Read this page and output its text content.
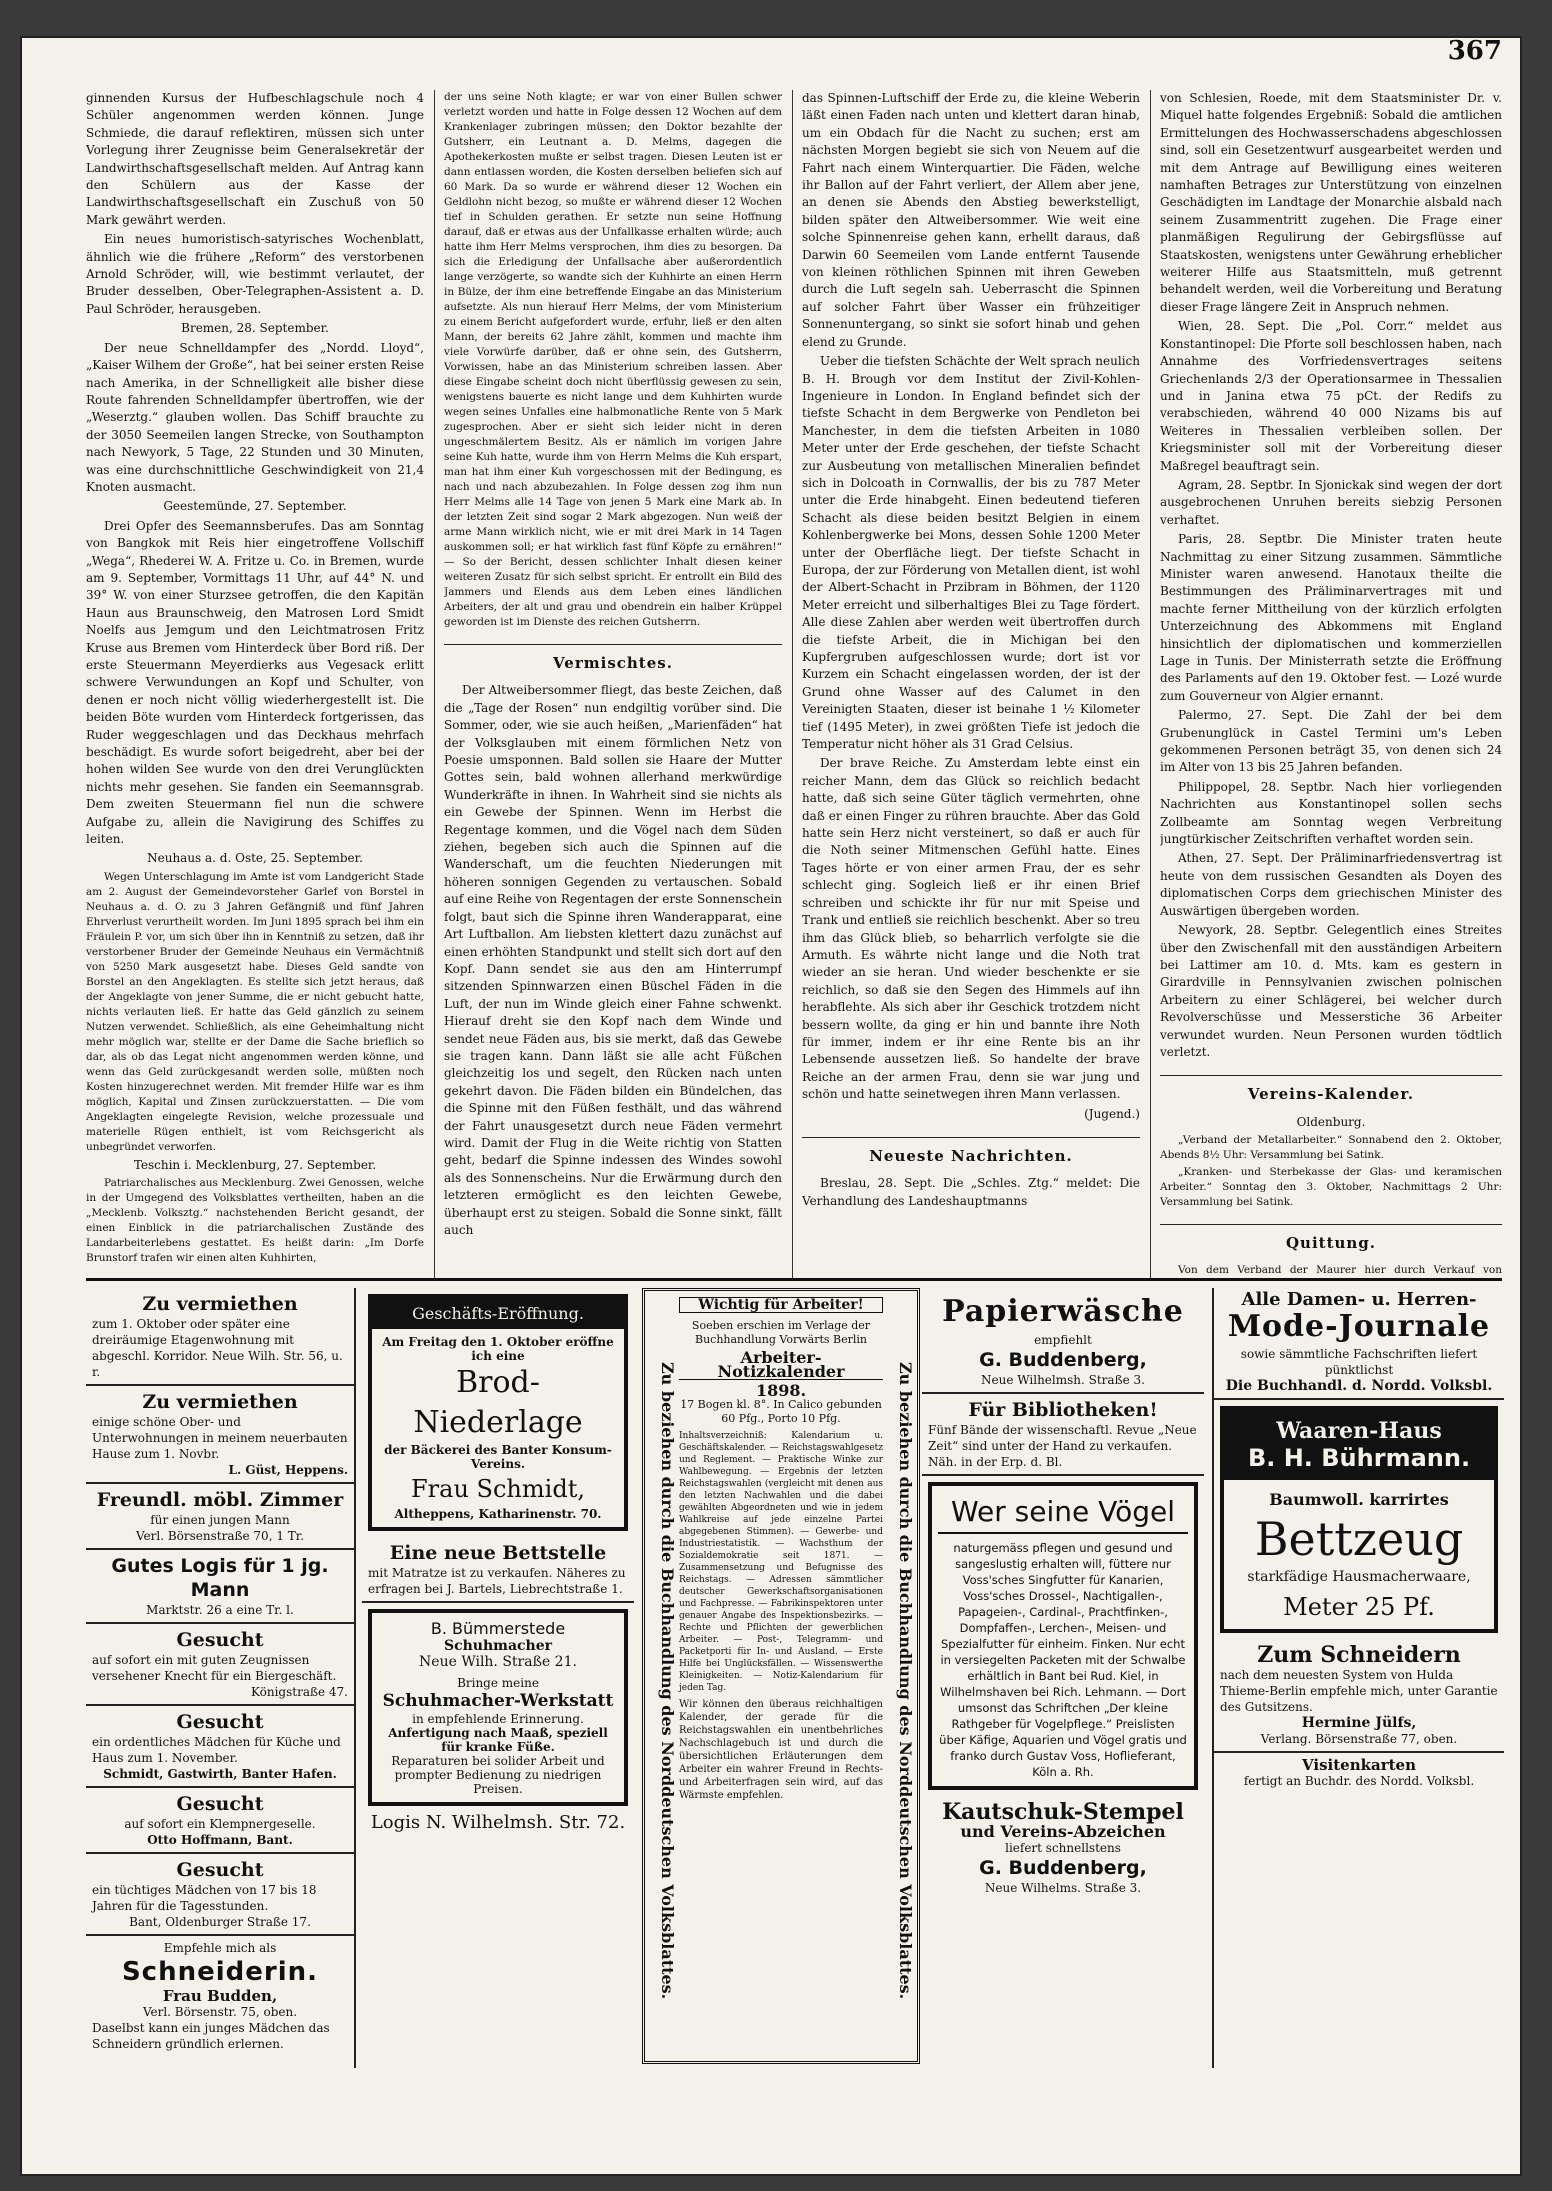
367

ginnenden Kursus der Hufbeschlagschule noch 4 Schüler angenommen werden können. Junge Schmiede, die darauf reflektiren, müssen sich unter Vorlegung ihrer Zeugnisse beim Generalsekretär der Landwirthschaftsgesellschaft melden. Auf Antrag kann den Schülern aus der Kasse der Landwirthschaftsgesellschaft ein Zuschuß von 50 Mark gewährt werden.

Ein neues humoristisch-satyrisches Wochenblatt, ähnlich wie die frühere „Reform“ des verstorbenen Arnold Schröder, will, wie bestimmt verlautet, der Bruder desselben, Ober-Telegraphen-Assistent a. D. Paul Schröder, herausgeben.

Bremen, 28. September.

Der neue Schnelldampfer des „Nordd. Lloyd“, „Kaiser Wilhem der Große“, hat bei seiner ersten Reise nach Amerika, in der Schnelligkeit alle bisher diese Route fahrenden Schnelldampfer übertroffen, wie der „Weserztg.“ glauben wollen. Das Schiff brauchte zu der 3050 Seemeilen langen Strecke, von Southampton nach Newyork, 5 Tage, 22 Stunden und 30 Minuten, was eine durchschnittliche Geschwindigkeit von 21,4 Knoten ausmacht.

Geestemünde, 27. September.

Drei Opfer des Seemannsberufes. Das am Sonntag von Bangkok mit Reis hier eingetroffene Vollschiff „Wega“, Rhederei W. A. Fritze u. Co. in Bremen, wurde am 9. September, Vormittags 11 Uhr, auf 44° N. und 39° W. von einer Sturzsee getroffen, die den Kapitän Haun aus Braunschweig, den Matrosen Lord Smidt Noelfs aus Jemgum und den Leichtmatrosen Fritz Kruse aus Bremen vom Hinterdeck über Bord riß. Der erste Steuermann Meyerdierks aus Vegesack erlitt schwere Verwundungen an Kopf und Schulter, von denen er noch nicht völlig wiederhergestellt ist. Die beiden Böte wurden vom Hinterdeck fortgerissen, das Ruder weggeschlagen und das Deckhaus mehrfach beschädigt. Es wurde sofort beigedreht, aber bei der hohen wilden See wurde von den drei Verunglückten nichts mehr gesehen. Sie fanden ein Seemannsgrab. Dem zweiten Steuermann fiel nun die schwere Aufgabe zu, allein die Navigirung des Schiffes zu leiten.

Neuhaus a. d. Oste, 25. September.

Wegen Unterschlagung im Amte ist vom Landgericht Stade am 2. August der Gemeindevorsteher Garlef von Borstel in Neuhaus a. d. O. zu 3 Jahren Gefängniß und fünf Jahren Ehrverlust verurtheilt worden. Im Juni 1895 sprach bei ihm ein Fräulein P. vor, um sich über ihn in Kenntniß zu setzen, daß ihr verstorbener Bruder der Gemeinde Neuhaus ein Vermächtniß von 5250 Mark ausgesetzt habe. Dieses Geld sandte von Borstel an den Angeklagten. Es stellte sich jetzt heraus, daß der Angeklagte von jener Summe, die er nicht gebucht hatte, nichts verlauten ließ. Er hatte das Geld gänzlich zu seinem Nutzen verwendet. Schließlich, als eine Geheimhaltung nicht mehr möglich war, stellte er der Dame die Sache brieflich so dar, als ob das Legat nicht angenommen werden könne, und wenn das Geld zurückgesandt werden solle, müßten noch Kosten hinzugerechnet werden. Mit fremder Hilfe war es ihm möglich, Kapital und Zinsen zurückzuerstatten. — Die vom Angeklagten eingelegte Revision, welche prozessuale und materielle Rügen enthielt, ist vom Reichsgericht als unbegründet verworfen.

Teschin i. Mecklenburg, 27. September.

Patriarchalisches aus Mecklenburg. Zwei Genossen, welche in der Umgegend des Volksblattes vertheilten, haben an die „Mecklenb. Volksztg.“ nachstehenden Bericht gesandt, der einen Einblick in die patriarchalischen Zustände des Landarbeiterlebens gestattet. Es heißt darin: „Im Dorfe Brunstorf trafen wir einen alten Kuhhirten,

der uns seine Noth klagte; er war von einer Bullen schwer verletzt worden und hatte in Folge dessen 12 Wochen auf dem Krankenlager zubringen müssen; den Doktor bezahlte der Gutsherr, ein Leutnant a. D. Melms, dagegen die Apothekerkosten mußte er selbst tragen. Diesen Leuten ist er dann entlassen worden, die Kosten derselben beliefen sich auf 60 Mark. Da so wurde er während dieser 12 Wochen ein Geldlohn nicht bezog, so mußte er während dieser 12 Wochen tief in Schulden gerathen. Er setzte nun seine Hoffnung darauf, daß er etwas aus der Unfallkasse erhalten würde; auch hatte ihm Herr Melms versprochen, ihm dies zu besorgen. Da sich die Erledigung der Unfallsache aber außerordentlich lange verzögerte, so wandte sich der Kuhhirte an einen Herrn in Bülze, der ihm eine betreffende Eingabe an das Ministerium aufsetzte. Als nun hierauf Herr Melms, der vom Ministerium zu einem Bericht aufgefordert wurde, erfuhr, ließ er den alten Mann, der bereits 62 Jahre zählt, kommen und machte ihm viele Vorwürfe darüber, daß er ohne sein, des Gutsherrn, Vorwissen, habe an das Ministerium schreiben lassen. Aber diese Eingabe scheint doch nicht überflüssig gewesen zu sein, wenigstens bauerte es nicht lange und dem Kuhhirten wurde wegen seines Unfalles eine halbmonatliche Rente von 5 Mark zugesprochen. Aber er sieht sich leider nicht in deren ungeschmälertem Besitz. Als er nämlich im vorigen Jahre seine Kuh hatte, wurde ihm von Herrn Melms die Kuh erspart, man hat ihm einer Kuh vorgeschossen mit der Bedingung, es nach und nach abzubezahlen. In Folge dessen zog ihm nun Herr Melms alle 14 Tage von jenen 5 Mark eine Mark ab. In der letzten Zeit sind sogar 2 Mark abgezogen. Nun weiß der arme Mann wirklich nicht, wie er mit drei Mark in 14 Tagen auskommen soll; er hat wirklich fast fünf Köpfe zu ernähren!“ — So der Bericht, dessen schlichter Inhalt diesen keiner weiteren Zusatz für sich selbst spricht. Er entrollt ein Bild des Jammers und Elends aus dem Leben eines ländlichen Arbeiters, der alt und grau und obendrein ein halber Krüppel geworden ist im Dienste des reichen Gutsherrn.

Vermischtes.

Der Altweibersommer fliegt, das beste Zeichen, daß die „Tage der Rosen“ nun endgiltig vorüber sind. Die Sommer, oder, wie sie auch heißen, „Marienfäden“ hat der Volksglauben mit einem förmlichen Netz von Poesie umsponnen. Bald sollen sie Haare der Mutter Gottes sein, bald wohnen allerhand merkwürdige Wunderkräfte in ihnen. In Wahrheit sind sie nichts als ein Gewebe der Spinnen. Wenn im Herbst die Regentage kommen, und die Vögel nach dem Süden ziehen, begeben sich auch die Spinnen auf die Wanderschaft, um die feuchten Niederungen mit höheren sonnigen Gegenden zu vertauschen. Sobald auf eine Reihe von Regentagen der erste Sonnenschein folgt, baut sich die Spinne ihren Wanderapparat, eine Art Luftballon. Am liebsten klettert dazu zunächst auf einen erhöhten Standpunkt und stellt sich dort auf den Kopf. Dann sendet sie aus den am Hinterrumpf sitzenden Spinnwarzen einen Büschel Fäden in die Luft, der nun im Winde gleich einer Fahne schwenkt. Hierauf dreht sie den Kopf nach dem Winde und sendet neue Fäden aus, bis sie merkt, daß das Gewebe sie tragen kann. Dann läßt sie alle acht Füßchen gleichzeitig los und segelt, den Rücken nach unten gekehrt davon. Die Fäden bilden ein Bündelchen, das die Spinne mit den Füßen festhält, und das während der Fahrt unausgesetzt durch neue Fäden vermehrt wird. Damit der Flug in die Weite richtig von Statten geht, bedarf die Spinne indessen des Windes sowohl als des Sonnenscheins. Nur die Erwärmung durch den letzteren ermöglicht es den leichten Gewebe, überhaupt erst zu steigen. Sobald die Sonne sinkt, fällt auch

das Spinnen-Luftschiff der Erde zu, die kleine Weberin läßt einen Faden nach unten und klettert daran hinab, um ein Obdach für die Nacht zu suchen; erst am nächsten Morgen begiebt sie sich von Neuem auf die Fahrt nach einem Winterquartier. Die Fäden, welche ihr Ballon auf der Fahrt verliert, der Allem aber jene, an denen sie Abends den Abstieg bewerkstelligt, bilden später den Altweibersommer. Wie weit eine solche Spinnenreise gehen kann, erhellt daraus, daß Darwin 60 Seemeilen vom Lande entfernt Tausende von kleinen röthlichen Spinnen mit ihren Geweben durch die Luft segeln sah. Ueberrascht die Spinnen auf solcher Fahrt über Wasser ein frühzeitiger Sonnenuntergang, so sinkt sie sofort hinab und gehen elend zu Grunde.

Ueber die tiefsten Schächte der Welt sprach neulich B. H. Brough vor dem Institut der Zivil-Kohlen-Ingenieure in London. In England befindet sich der tiefste Schacht in dem Bergwerke von Pendleton bei Manchester, in dem die tiefsten Arbeiten in 1080 Meter unter der Erde geschehen, der tiefste Schacht zur Ausbeutung von metallischen Mineralien befindet sich in Dolcoath in Cornwallis, der bis zu 787 Meter unter die Erde hinabgeht. Einen bedeutend tieferen Schacht als diese beiden besitzt Belgien in einem Kohlenbergwerke bei Mons, dessen Sohle 1200 Meter unter der Oberfläche liegt. Der tiefste Schacht in Europa, der zur Förderung von Metallen dient, ist wohl der Albert-Schacht in Przibram in Böhmen, der 1120 Meter erreicht und silberhaltiges Blei zu Tage fördert. Alle diese Zahlen aber werden weit übertroffen durch die tiefste Arbeit, die in Michigan bei den Kupfergruben aufgeschlossen wurde; dort ist vor Kurzem ein Schacht eingelassen worden, der ist der Grund ohne Wasser auf des Calumet in den Vereinigten Staaten, dieser ist beinahe 1 ½ Kilometer tief (1495 Meter), in zwei größten Tiefe ist jedoch die Temperatur nicht höher als 31 Grad Celsius.

Der brave Reiche. Zu Amsterdam lebte einst ein reicher Mann, dem das Glück so reichlich bedacht hatte, daß sich seine Güter täglich vermehrten, ohne daß er einen Finger zu rühren brauchte. Aber das Gold hatte sein Herz nicht versteinert, so daß er auch für die Noth seiner Mitmenschen Gefühl hatte. Eines Tages hörte er von einer armen Frau, der es sehr schlecht ging. Sogleich ließ er ihr einen Brief schreiben und schickte ihr für nur mit Speise und Trank und entließ sie reichlich beschenkt. Aber so treu ihm das Glück blieb, so beharrlich verfolgte sie die Armuth. Es währte nicht lange und die Noth trat wieder an sie heran. Und wieder beschenkte er sie reichlich, so daß sie den Segen des Himmels auf ihn herabflehte. Als sich aber ihr Geschick trotzdem nicht bessern wollte, da ging er hin und bannte ihre Noth für immer, indem er ihr eine Rente bis an ihr Lebensende aussetzen ließ. So handelte der brave Reiche an der armen Frau, denn sie war jung und schön und hatte seinetwegen ihren Mann verlassen.

(Jugend.)

Neueste Nachrichten.

Breslau, 28. Sept. Die „Schles. Ztg.“ meldet: Die Verhandlung des Landeshauptmanns

von Schlesien, Roede, mit dem Staatsminister Dr. v. Miquel hatte folgendes Ergebniß: Sobald die amtlichen Ermittelungen des Hochwasserschadens abgeschlossen sind, soll ein Gesetzentwurf ausgearbeitet werden und mit dem Antrage auf Bewilligung eines weiteren namhaften Betrages zur Unterstützung von einzelnen Geschädigten im Landtage der Monarchie alsbald nach seinem Zusammentritt zugehen. Die Frage einer planmäßigen Regulirung der Gebirgsflüsse auf Staatskosten, wenigstens unter Gewährung erheblicher weiterer Hilfe aus Staatsmitteln, muß getrennt behandelt werden, weil die Vorbereitung und Beratung dieser Frage längere Zeit in Anspruch nehmen.

Wien, 28. Sept. Die „Pol. Corr.“ meldet aus Konstantinopel: Die Pforte soll beschlossen haben, nach Annahme des Vorfriedensvertrages seitens Griechenlands 2/3 der Operationsarmee in Thessalien und in Janina etwa 75 pCt. der Redifs zu verabschieden, während 40 000 Nizams bis auf Weiteres in Thessalien verbleiben sollen. Der Kriegsminister soll mit der Vorbereitung dieser Maßregel beauftragt sein.

Agram, 28. Septbr. In Sjonickak sind wegen der dort ausgebrochenen Unruhen bereits siebzig Personen verhaftet.

Paris, 28. Septbr. Die Minister traten heute Nachmittag zu einer Sitzung zusammen. Sämmtliche Minister waren anwesend. Hanotaux theilte die Bestimmungen des Präliminarvertrages mit und machte ferner Mittheilung von der kürzlich erfolgten Unterzeichnung des Abkommens mit England hinsichtlich der diplomatischen und kommerziellen Lage in Tunis. Der Ministerrath setzte die Eröffnung des Parlaments auf den 19. Oktober fest. — Lozé wurde zum Gouverneur von Algier ernannt.

Palermo, 27. Sept. Die Zahl der bei dem Grubenunglück in Castel Termini um's Leben gekommenen Personen beträgt 35, von denen sich 24 im Alter von 13 bis 25 Jahren befanden.

Philippopel, 28. Septbr. Nach hier vorliegenden Nachrichten aus Konstantinopel sollen sechs Zollbeamte am Sonntag wegen Verbreitung jungtürkischer Zeitschriften verhaftet worden sein.

Athen, 27. Sept. Der Präliminarfriedensvertrag ist heute von dem russischen Gesandten als Doyen des diplomatischen Corps dem griechischen Minister des Auswärtigen übergeben worden.

Newyork, 28. Septbr. Gelegentlich eines Streites über den Zwischenfall mit den ausständigen Arbeitern bei Lattimer am 10. d. Mts. kam es gestern in Girardville in Pennsylvanien zwischen polnischen Arbeitern zu einer Schlägerei, bei welcher durch Revolverschüsse und Messerstiche 36 Arbeiter verwundet wurden. Neun Personen wurden tödtlich verletzt.

Vereins-Kalender.

Oldenburg.

„Verband der Metallarbeiter.“ Sonnabend den 2. Oktober, Abends 8½ Uhr: Versammlung bei Satink.

„Kranken- und Sterbekasse der Glas- und keramischen Arbeiter.“ Sonntag den 3. Oktober, Nachmittags 2 Uhr: Versammlung bei Satink.

Quittung.

Von dem Verband der Maurer hier durch Verkauf von

Zu vermiethen
zum 1. Oktober oder später eine dreiräumige Etagenwohnung mit abgeschl. Korridor. Neue Wilh. Str. 56, u. r.
Zu vermiethen
einige schöne Ober- und Unterwohnungen in meinem neuerbauten Hause zum 1. Novbr.
L. Güst, Heppens.
Freundl. möbl. Zimmer
für einen jungen Mann
Verl. Börsenstraße 70, 1 Tr.
Gutes Logis für 1 jg. Mann
Marktstr. 26 a eine Tr. l.
Gesucht
auf sofort ein mit guten Zeugnissen versehener Knecht für ein Biergeschäft.
Königstraße 47.
Gesucht
ein ordentliches Mädchen für Küche und Haus zum 1. November.
Schmidt, Gastwirth, Banter Hafen.
Gesucht
auf sofort ein Klempnergeselle.
Otto Hoffmann, Bant.
Gesucht
ein tüchtiges Mädchen von 17 bis 18 Jahren für die Tagesstunden.
Bant, Oldenburger Straße 17.
Empfehle mich als
Schneiderin.
Frau Budden,
Verl. Börsenstr. 75, oben.
Daselbst kann ein junges Mädchen das Schneidern gründlich erlernen.
Geschäfts-Eröffnung.
Am Freitag den 1. Oktober eröffne ich eine
Brod-Niederlage
der Bäckerei des Banter Konsum-Vereins.
Frau Schmidt,
Altheppens, Katharinenstr. 70.
Eine neue Bettstelle
mit Matratze ist zu verkaufen. Näheres zu erfragen bei J. Bartels, Liebrechtstraße 1.
B. Bümmerstede
Schuhmacher
Neue Wilh. Straße 21.
Bringe meine
Schuhmacher-Werkstatt
in empfehlende Erinnerung.
Anfertigung nach Maaß, speziell für kranke Füße.
Reparaturen bei solider Arbeit und prompter Bedienung zu niedrigen Preisen.
Logis N. Wilhelmsh. Str. 72.	Zu beziehen durch die Buchhandlung des Norddeutschen Volksblattes.	Zu beziehen durch die Buchhandlung des Norddeutschen Volksblattes.
Wichtig für Arbeiter!
Soeben erschien im Verlage der Buchhandlung Vorwärts Berlin
Arbeiter-Notizkalender
1898.
17 Bogen kl. 8°. In Calico gebunden 60 Pfg., Porto 10 Pfg.
Inhaltsverzeichniß: Kalendarium u. Geschäftskalender. — Reichstagswahlgesetz und Reglement. — Praktische Winke zur Wahlbewegung. — Ergebnis der letzten Reichstagswahlen (vergleicht mit denen aus den letzten Nachwahlen und die dabei gewählten Abgeordneten und wie in jedem Wahlkreise auf jede einzelne Partei abgegebenen Stimmen). — Gewerbe- und Industriestatistik. — Wachsthum der Sozialdemokratie seit 1871. — Zusammensetzung und Befugnisse des Reichstags. — Adressen sämmtlicher deutscher Gewerkschaftsorganisationen und Fachpresse. — Fabrikinspektoren unter genauer Angabe des Inspektionsbezirks. — Rechte und Pflichten der gewerblichen Arbeiter. — Post-, Telegramm- und Packetporti für In- und Ausland. — Erste Hilfe bei Unglücksfällen. — Wissenswerthe Kleinigkeiten. — Notiz-Kalendarium für jeden Tag.
Wir können den überaus reichhaltigen Kalender, der gerade für die Reichstagswahlen ein unentbehrliches Nachschlagebuch ist und durch die übersichtlichen Erläuterungen dem Arbeiter ein wahrer Freund in Rechts- und Arbeiterfragen sein wird, auf das Wärmste empfehlen.
Papierwäsche
empfiehlt
G. Buddenberg,
Neue Wilhelmsh. Straße 3.
Für Bibliotheken!
Fünf Bände der wissenschaftl. Revue „Neue Zeit“ sind unter der Hand zu verkaufen. Näh. in der Erp. d. Bl.
Wer seine Vögel
naturgemäss pflegen und gesund und sangeslustig erhalten will, füttere nur Voss'sches Singfutter für Kanarien, Voss'sches Drossel-, Nachtigallen-, Papageien-, Cardinal-, Prachtfinken-, Dompfaffen-, Lerchen-, Meisen- und Spezialfutter für einheim. Finken. Nur echt in versiegelten Packeten mit der Schwalbe erhältlich in Bant bei Rud. Kiel, in Wilhelmshaven bei Rich. Lehmann. — Dort umsonst das Schriftchen „Der kleine Rathgeber für Vogelpflege.“ Preislisten über Käfige, Aquarien und Vögel gratis und franko durch Gustav Voss, Hoflieferant, Köln a. Rh.
Kautschuk-Stempel
und Vereins-Abzeichen
liefert schnellstens
G. Buddenberg,
Neue Wilhelms. Straße 3.
Alle Damen- u. Herren-
Mode-Journale
sowie sämmtliche Fachschriften liefert pünktlichst
Die Buchhandl. d. Nordd. Volksbl.
Waaren-Haus
B. H. Bührmann.
Baumwoll. karrirtes
Bettzeug
starkfädige Hausmacherwaare,
Meter 25 Pf.
Zum Schneidern
nach dem neuesten System von Hulda Thieme-Berlin empfehle mich, unter Garantie des Gutsitzens.
Hermine Jülfs,
Verlang. Börsenstraße 77, oben.
Visitenkarten
fertigt an Buchdr. des Nordd. Volksbl.
